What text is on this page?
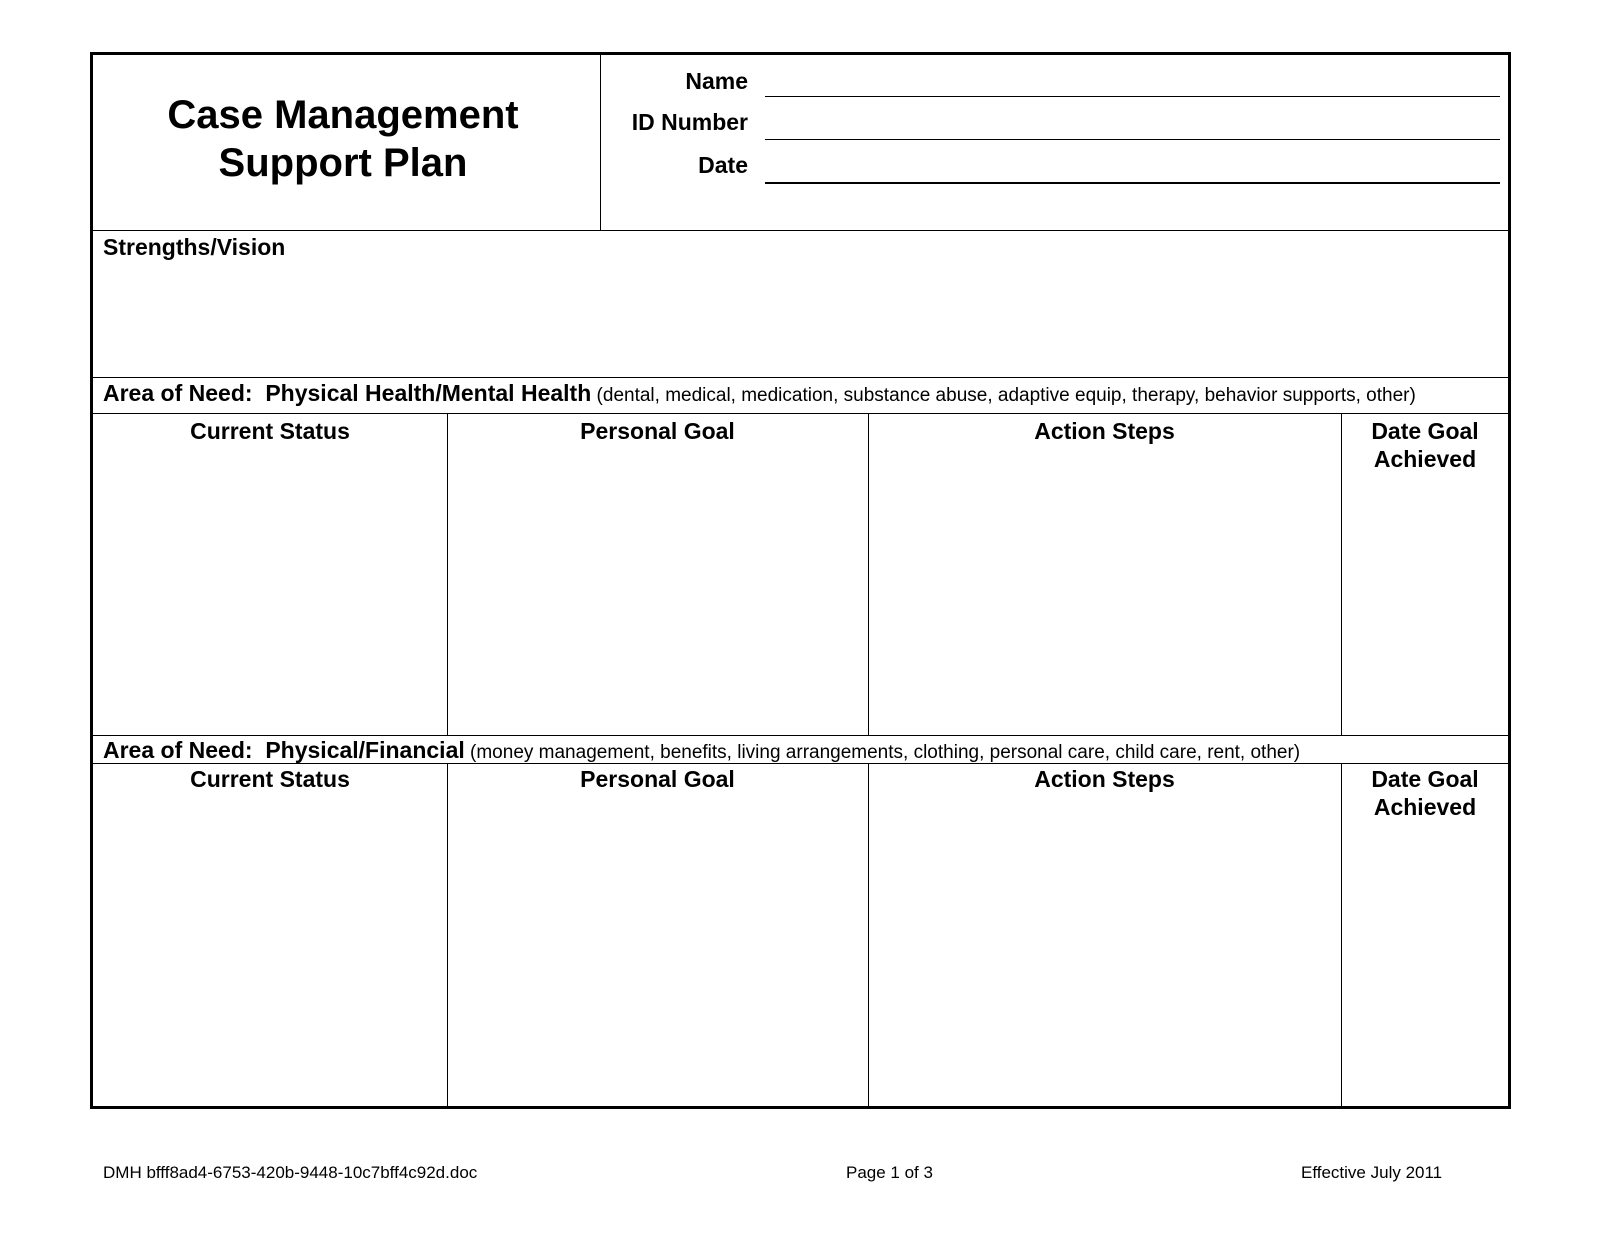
Case Management
Support Plan
Name
ID Number
Date
Strengths/Vision
Area of Need: Physical Health/Mental Health (dental, medical, medication, substance abuse, adaptive equip, therapy, behavior supports, other)
Current Status	Personal Goal	Action Steps	Date Goal
Achieved
Area of Need: Physical/Financial (money management, benefits, living arrangements, clothing, personal care, child care, rent, other)
Current Status	Personal Goal	Action Steps	Date Goal
Achieved
DMH bfff8ad4-6753-420b-9448-10c7bff4c92d.doc	Page 1 of 3	Effective July 2011
